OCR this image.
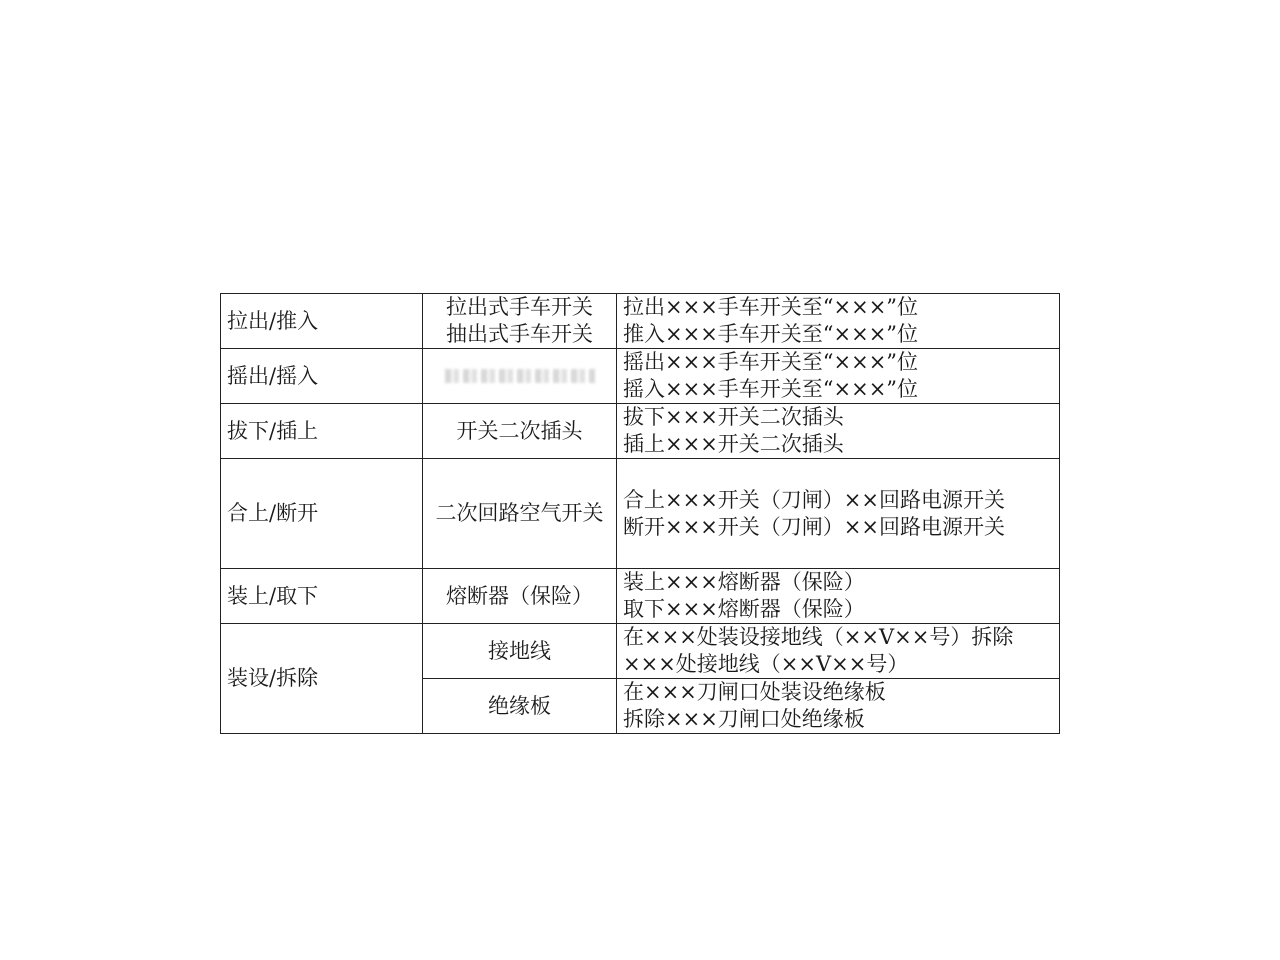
拉出/推入	拉出式手车开关
抽出式手车开关	拉出×××手车开关至“×××”位
推入×××手车开关至“×××”位

摇出/摇入		摇出×××手车开关至“×××”位
摇入×××手车开关至“×××”位

拔下/插上	开关二次插头	拔下×××开关二次插头
插上×××开关二次插头

合上/断开	二次回路空气开关	合上×××开关（刀闸）××回路电源开关
断开×××开关（刀闸）××回路电源开关

装上/取下	熔断器（保险）	装上×××熔断器（保险）
取下×××熔断器（保险）

装设/拆除	接地线	在×××处装设接地线（××V××号）拆除×××处接地线（××V××号）

	绝缘板	在×××刀闸口处装设绝缘板
拆除×××刀闸口处绝缘板
